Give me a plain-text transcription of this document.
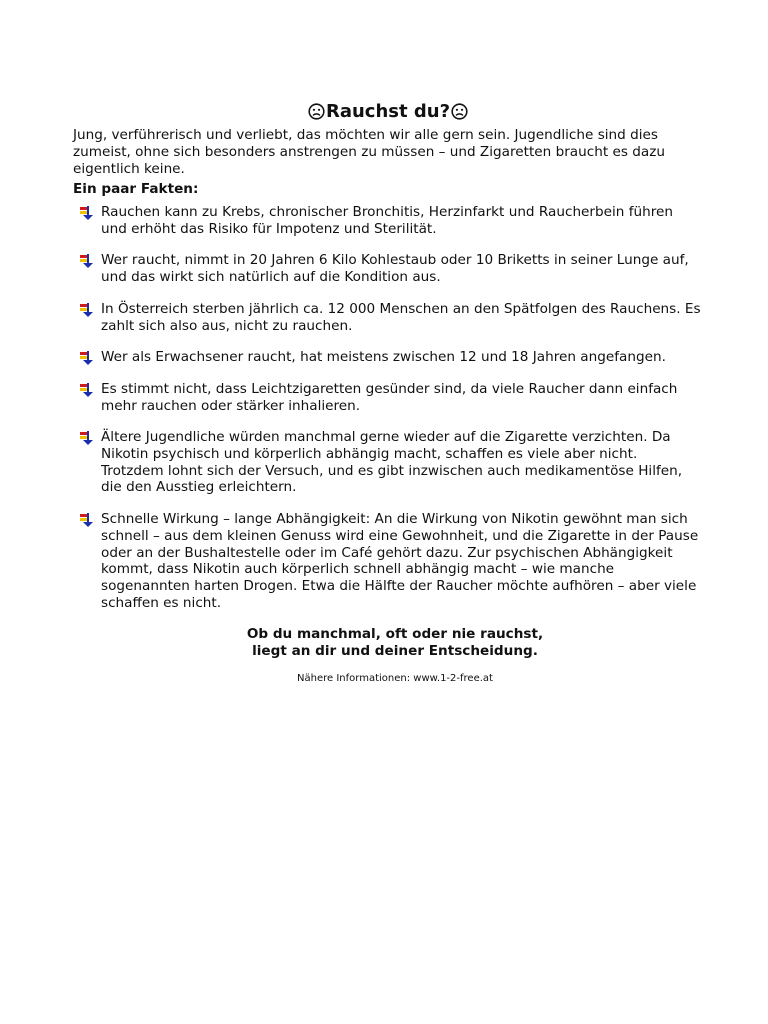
Rauchst du?
Jung, verführerisch und verliebt, das möchten wir alle gern sein. Jugendliche sind dies zumeist, ohne sich besonders anstrengen zu müssen – und Zigaretten braucht es dazu eigentlich keine.
Ein paar Fakten:
Rauchen kann zu Krebs, chronischer Bronchitis, Herzinfarkt und Raucherbein führen und erhöht das Risiko für Impotenz und Sterilität.
Wer raucht, nimmt in 20 Jahren 6 Kilo Kohlestaub oder 10 Briketts in seiner Lunge auf, und das wirkt sich natürlich auf die Kondition aus.
In Österreich sterben jährlich ca. 12 000 Menschen an den Spätfolgen des Rauchens. Es zahlt sich also aus, nicht zu rauchen.
Wer als Erwachsener raucht, hat meistens zwischen 12 und 18 Jahren angefangen.
Es stimmt nicht, dass Leichtzigaretten gesünder sind, da viele Raucher dann einfach mehr rauchen oder stärker inhalieren.
Ältere Jugendliche würden manchmal gerne wieder auf die Zigarette verzichten. Da Nikotin psychisch und körperlich abhängig macht, schaffen es viele aber nicht. Trotzdem lohnt sich der Versuch, und es gibt inzwischen auch medikamentöse Hilfen, die den Ausstieg erleichtern.
Schnelle Wirkung – lange Abhängigkeit: An die Wirkung von Nikotin gewöhnt man sich schnell – aus dem kleinen Genuss wird eine Gewohnheit, und die Zigarette in der Pause oder an der Bushaltestelle oder im Café gehört dazu. Zur psychischen Abhängigkeit kommt, dass Nikotin auch körperlich schnell abhängig macht – wie manche sogenannten harten Drogen. Etwa die Hälfte der Raucher möchte aufhören – aber viele schaffen es nicht.
Ob du manchmal, oft oder nie rauchst,
liegt an dir und deiner Entscheidung.
Nähere Informationen: www.1-2-free.at
